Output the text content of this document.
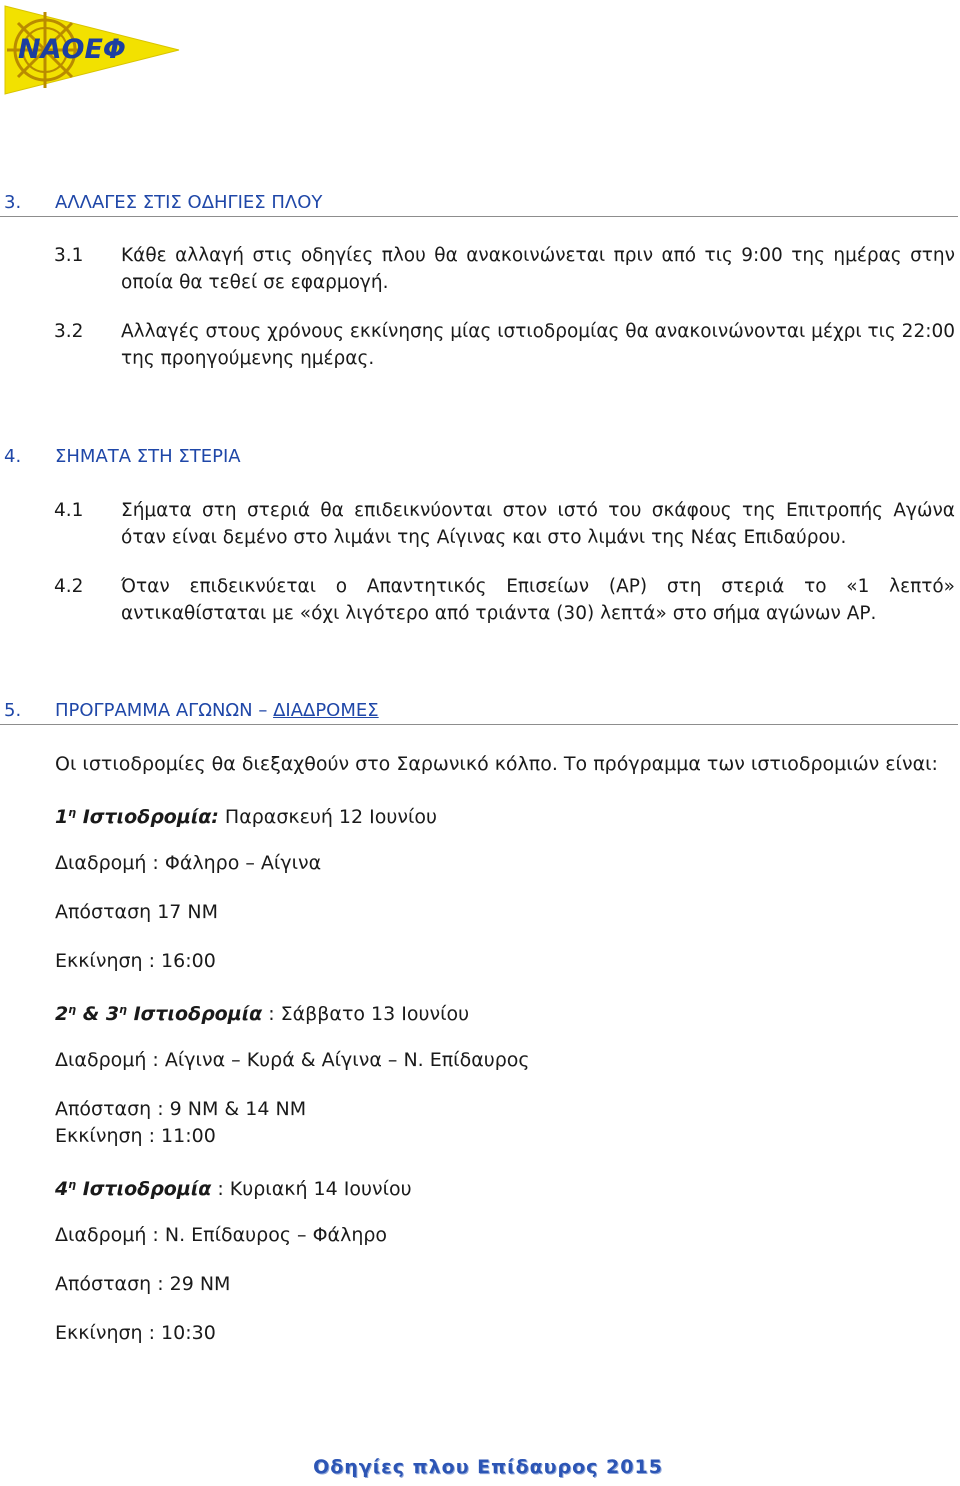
ΝΑΟΕΦ
3. ΑΛΛΑΓΕΣ ΣΤΙΣ ΟΔΗΓΙΕΣ ΠΛΟΥ
3.1 Κάθε αλλαγή στις οδηγίες πλου θα ανακοινώνεται πριν από τις 9:00 της ημέρας στην οποία θα τεθεί σε εφαρμογή.
3.2 Αλλαγές στους χρόνους εκκίνησης μίας ιστιοδρομίας θα ανακοινώνονται μέχρι τις 22:00 της προηγούμενης ημέρας.
4. ΣΗΜΑΤΑ ΣΤΗ ΣΤΕΡΙΑ
4.1 Σήματα στη στεριά θα επιδεικνύονται στον ιστό του σκάφους της Επιτροπής Αγώνα όταν είναι δεμένο στο λιμάνι της Αίγινας και στο λιμάνι της Νέας Επιδαύρου.
4.2 Όταν επιδεικνύεται ο Απαντητικός Επισείων (ΑΡ) στη στεριά το «1 λεπτό» αντικαθίσταται με «όχι λιγότερο από τριάντα (30) λεπτά» στο σήμα αγώνων ΑΡ.
5. ΠΡΟΓΡΑΜΜΑ ΑΓΩΝΩΝ – ΔΙΑΔΡΟΜΕΣ
Οι ιστιοδρομίες θα διεξαχθούν στο Σαρωνικό κόλπο. Το πρόγραμμα των ιστιοδρομιών είναι:
$1^\eta$ Ιστιοδρομία: Παρασκευή 12 Ιουνίου
Διαδρομή : Φάληρο – Αίγινα
Απόσταση 17 ΝΜ
Εκκίνηση : 16:00
$2^\eta$ & $3^\eta$ Ιστιοδρομία : Σάββατο 13 Ιουνίου
Διαδρομή : Αίγινα – Κυρά & Αίγινα – Ν. Επίδαυρος
Απόσταση : 9 ΝΜ & 14 ΝΜ
Εκκίνηση : 11:00
$4^\eta$ Ιστιοδρομία : Κυριακή 14 Ιουνίου
Διαδρομή : Ν. Επίδαυρος – Φάληρο
Απόσταση : 29 ΝΜ
Εκκίνηση : 10:30
Οδηγίες πλου Επίδαυρος 2015
